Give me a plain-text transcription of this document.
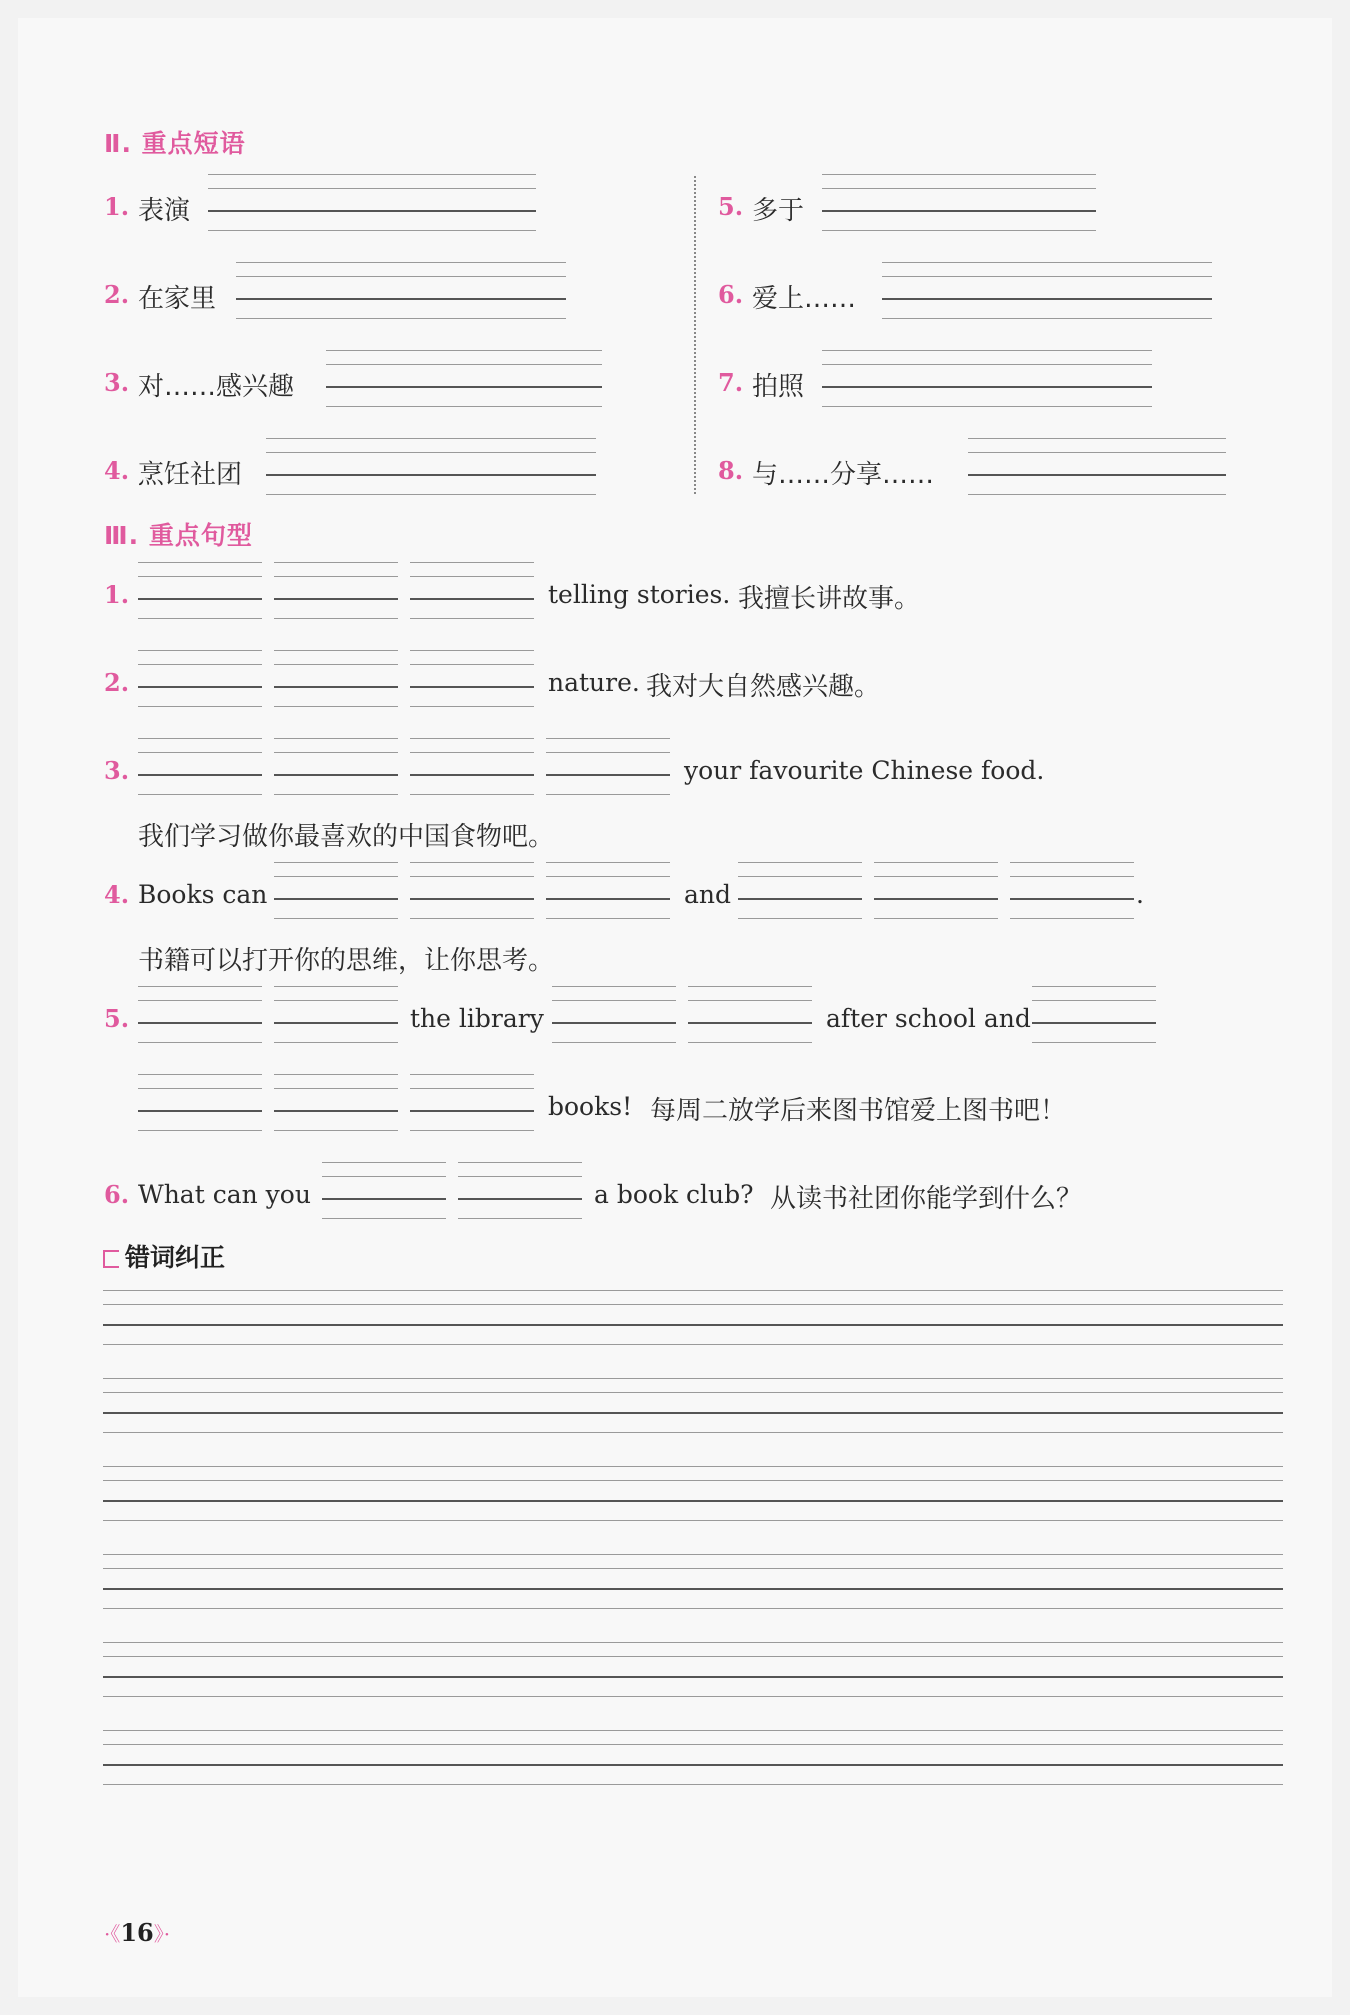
Ⅱ. 重点短语
1. 表演
2. 在家里
3. 对……感兴趣
4. 烹饪社团
5. 多于
6. 爱上……
7. 拍照
8. 与……分享……
Ⅲ. 重点句型
1.	telling stories. 我擅长讲故事。
2.	nature. 我对大自然感兴趣。
3.	your favourite Chinese food.
我们学习做你最喜欢的中国食物吧。
4. Books can	and	.
书籍可以打开你的思维，让你思考。
5.	the library	after school and
books! 每周二放学后来图书馆爱上图书吧！
6. What can you	a book club? 从读书社团你能学到什么？
错词纠正
·《16》·
